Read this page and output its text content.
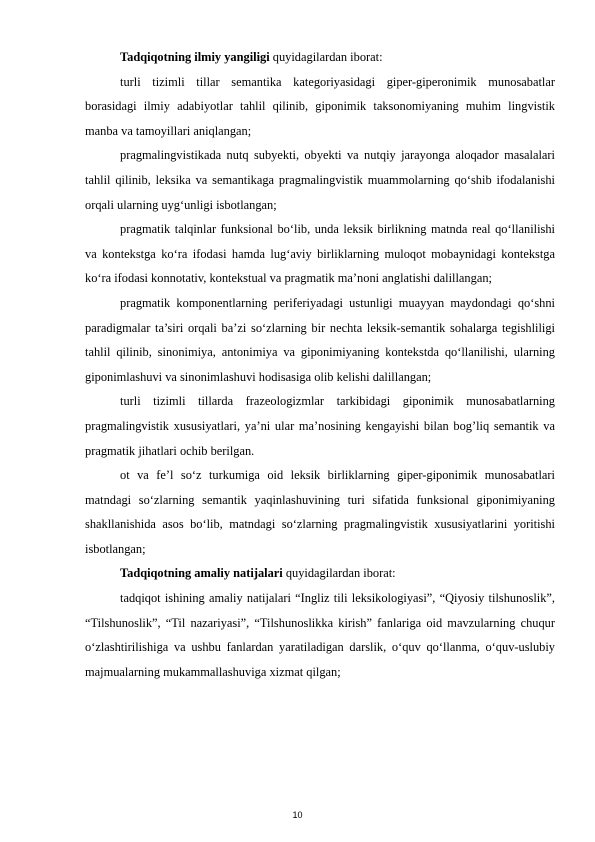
Tadqiqotning ilmiy yangiligi quyidagilardan iborat:

turli tizimli tillar semantika kategoriyasidagi giper-giperonimik munosabatlar borasidagi ilmiy adabiyotlar tahlil qilinib, giponimik taksonomiyaning muhim lingvistik manba va tamoyillari aniqlangan;

pragmalingvistikada nutq subyekti, obyekti va nutqiy jarayonga aloqador masalalari tahlil qilinib, leksika va semantikaga pragmalingvistik muammolarning qo‘shib ifodalanishi orqali ularning uyg‘unligi isbotlangan;

pragmatik talqinlar funksional bo‘lib, unda leksik birlikning matnda real qo‘llanilishi va kontekstga ko‘ra ifodasi hamda lug‘aviy birliklarning muloqot mobaynidagi kontekstga ko‘ra ifodasi konnotativ, kontekstual va pragmatik ma’noni anglatishi dalillangan;

pragmatik komponentlarning periferiyadagi ustunligi muayyan maydondagi qo‘shni paradigmalar ta’siri orqali ba’zi so‘zlarning bir nechta leksik-semantik sohalarga tegishliligi tahlil qilinib, sinonimiya, antonimiya va giponimiyaning kontekstda qo‘llanilishi, ularning giponimlashuvi va sinonimlashuvi hodisasiga olib kelishi dalillangan;

turli tizimli tillarda frazeologizmlar tarkibidagi giponimik munosabatlarning pragmalingvistik xususiyatlari, ya’ni ular ma’nosining kengayishi bilan bog’liq semantik va pragmatik jihatlari ochib berilgan.

ot va fe’l so‘z turkumiga oid leksik birliklarning giper-giponimik munosabatlari matndagi so‘zlarning semantik yaqinlashuvining turi sifatida funksional giponimiyaning shakllanishida asos bo‘lib, matndagi so‘zlarning pragmalingvistik xususiyatlarini yoritishi isbotlangan;

Tadqiqotning amaliy natijalari quyidagilardan iborat:

tadqiqot ishining amaliy natijalari “Ingliz tili leksikologiyasi”, “Qiyosiy tilshunoslik”, “Tilshunoslik”, “Til nazariyasi”, “Tilshunoslikka kirish” fanlariga oid mavzularning chuqur o‘zlashtirilishiga va ushbu fanlardan yaratiladigan darslik, o‘quv qo‘llanma, o‘quv-uslubiy majmualarning mukammallashuviga xizmat qilgan;

10
